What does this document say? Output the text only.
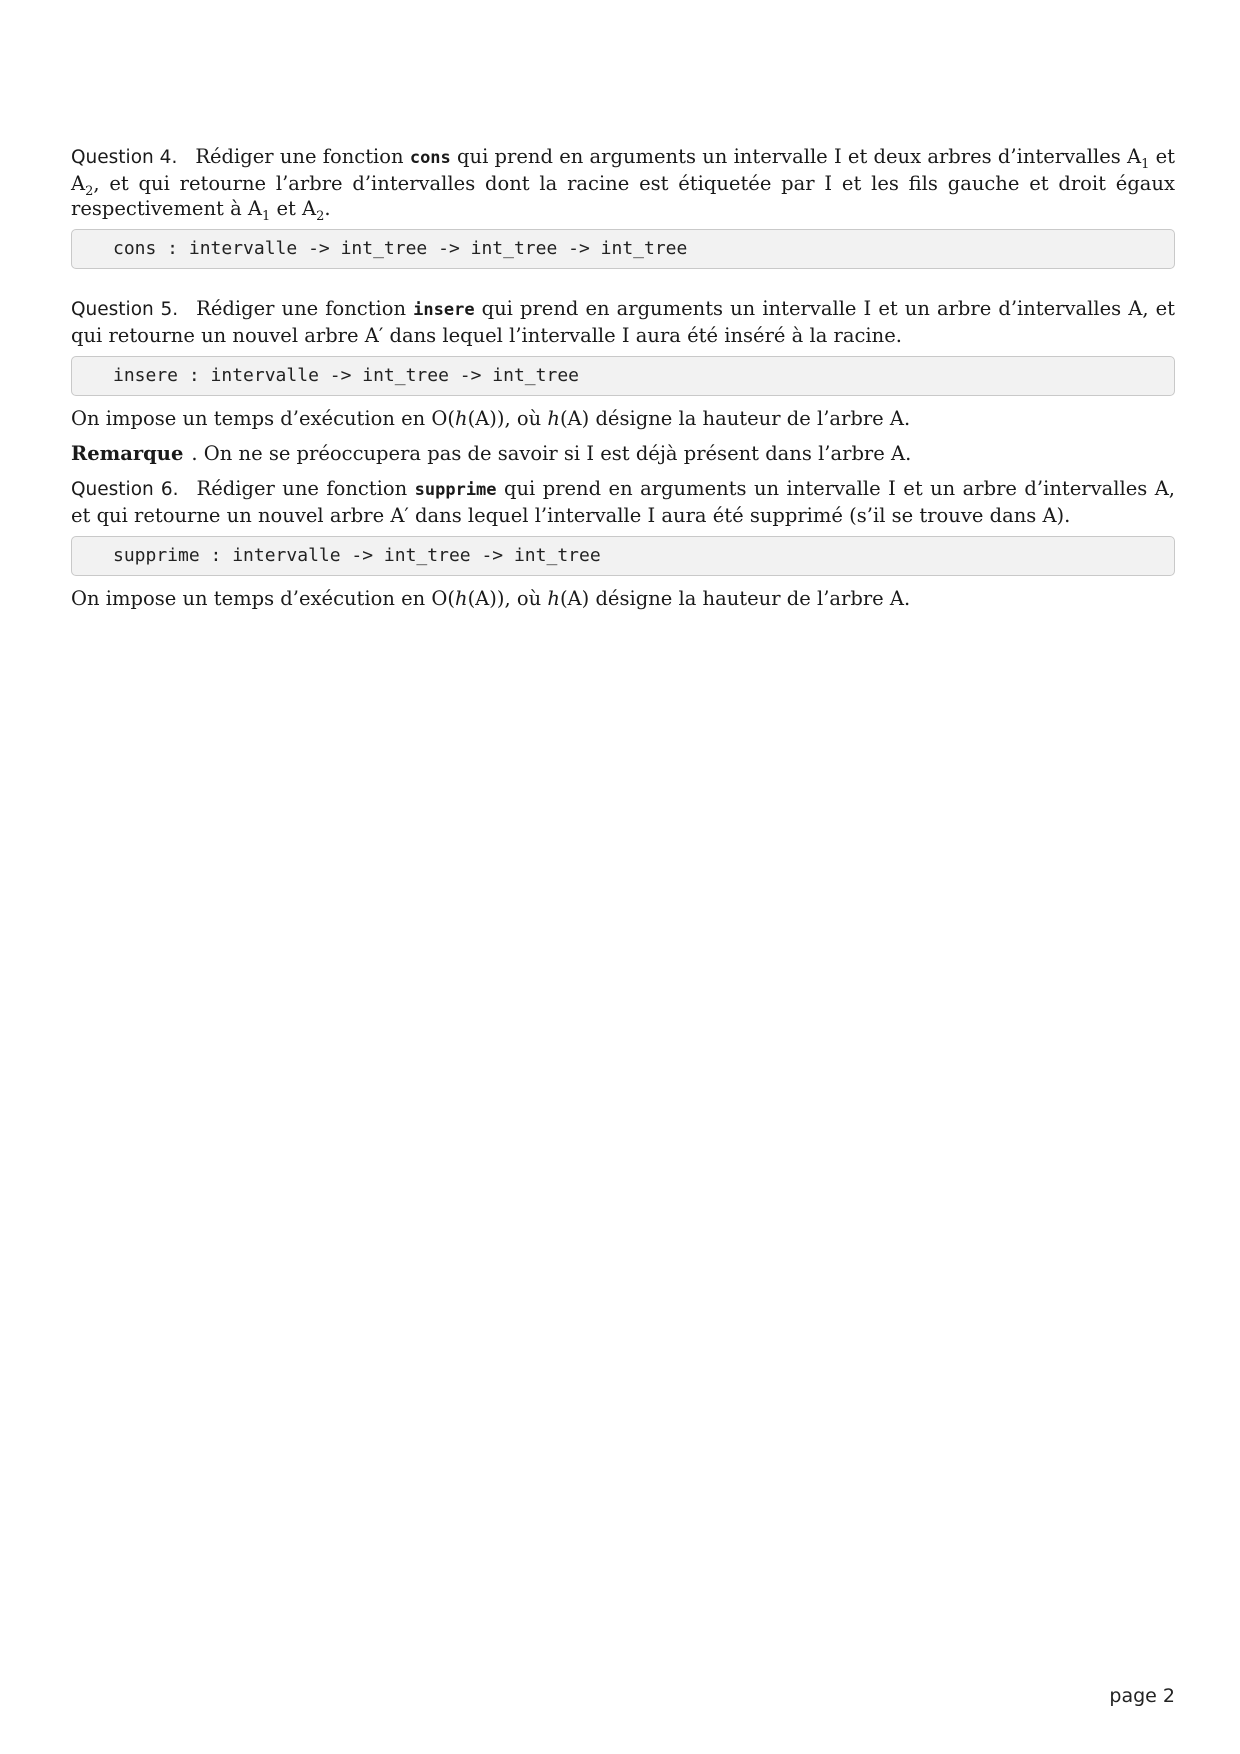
Question 4. Rédiger une fonction cons qui prend en arguments un intervalle I et deux arbres d’intervalles $A_1$ et $A_2$, et qui retourne l’arbre d’intervalles dont la racine est étiquetée par I et les fils gauche et droit égaux respectivement à $A_1$ et $A_2$.

cons : intervalle -> int_tree -> int_tree -> int_tree

Question 5. Rédiger une fonction insere qui prend en arguments un intervalle I et un arbre d’intervalles A, et qui retourne un nouvel arbre A′ dans lequel l’intervalle I aura été inséré à la racine.

insere : intervalle -> int_tree -> int_tree

On impose un temps d’exécution en O(h(A)), où h(A) désigne la hauteur de l’arbre A.

Remarque . On ne se préoccupera pas de savoir si I est déjà présent dans l’arbre A.

Question 6. Rédiger une fonction supprime qui prend en arguments un intervalle I et un arbre d’intervalles A, et qui retourne un nouvel arbre A′ dans lequel l’intervalle I aura été supprimé (s’il se trouve dans A).

supprime : intervalle -> int_tree -> int_tree

On impose un temps d’exécution en O(h(A)), où h(A) désigne la hauteur de l’arbre A.

page 2
